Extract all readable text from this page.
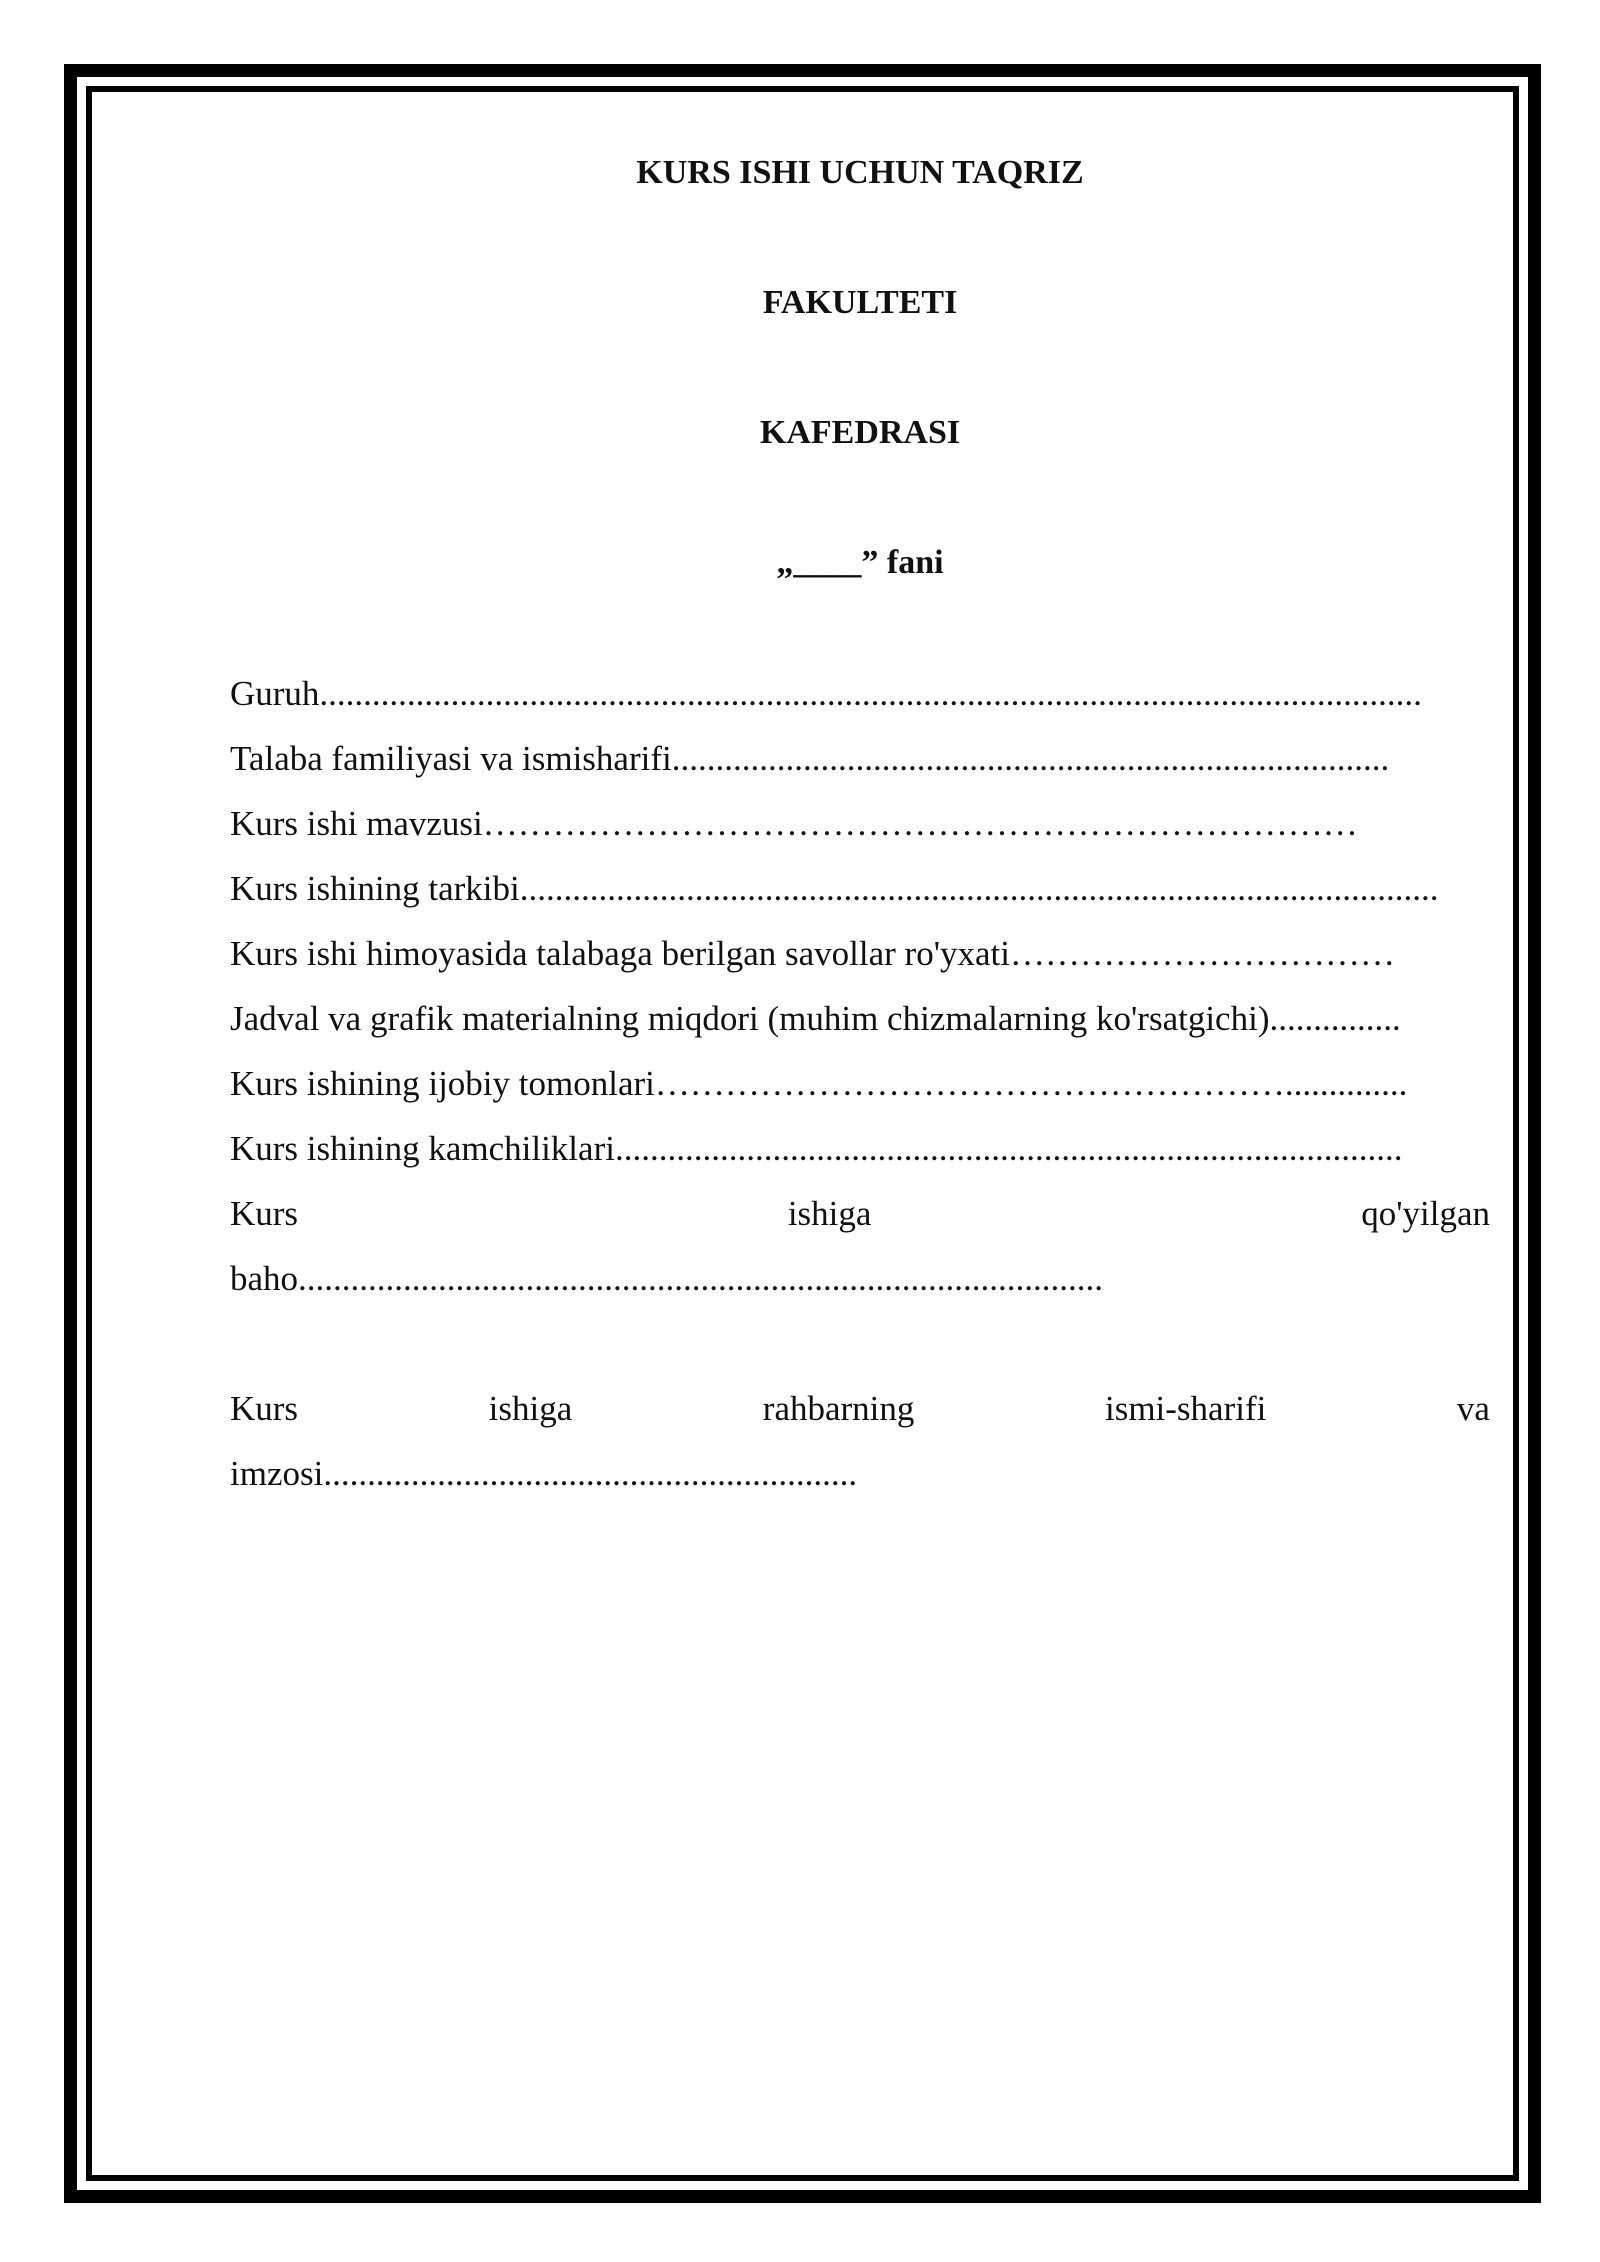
KURS ISHI UCHUN TAQRIZ
FAKULTETI
KAFEDRASI
„____” fani
Guruh..............................................................................................................................
Talaba familiyasi va ismisharifi..................................................................................
Kurs ishi mavzusi…………………………………………………………………
Kurs ishining tarkibi.........................................................................................................
Kurs ishi himoyasida talabaga berilgan savollar ro'yxati……………………………
Jadval va grafik materialning miqdori (muhim chizmalarning ko'rsatgichi)...............
Kurs ishining ijobiy tomonlari………………………………………………..............
Kurs ishining kamchiliklari..........................................................................................
Kurs	ishiga	qo'yilgan
baho............................................................................................
Kurs	ishiga	rahbarning	ismi-sharifi	va
imzosi.............................................................
